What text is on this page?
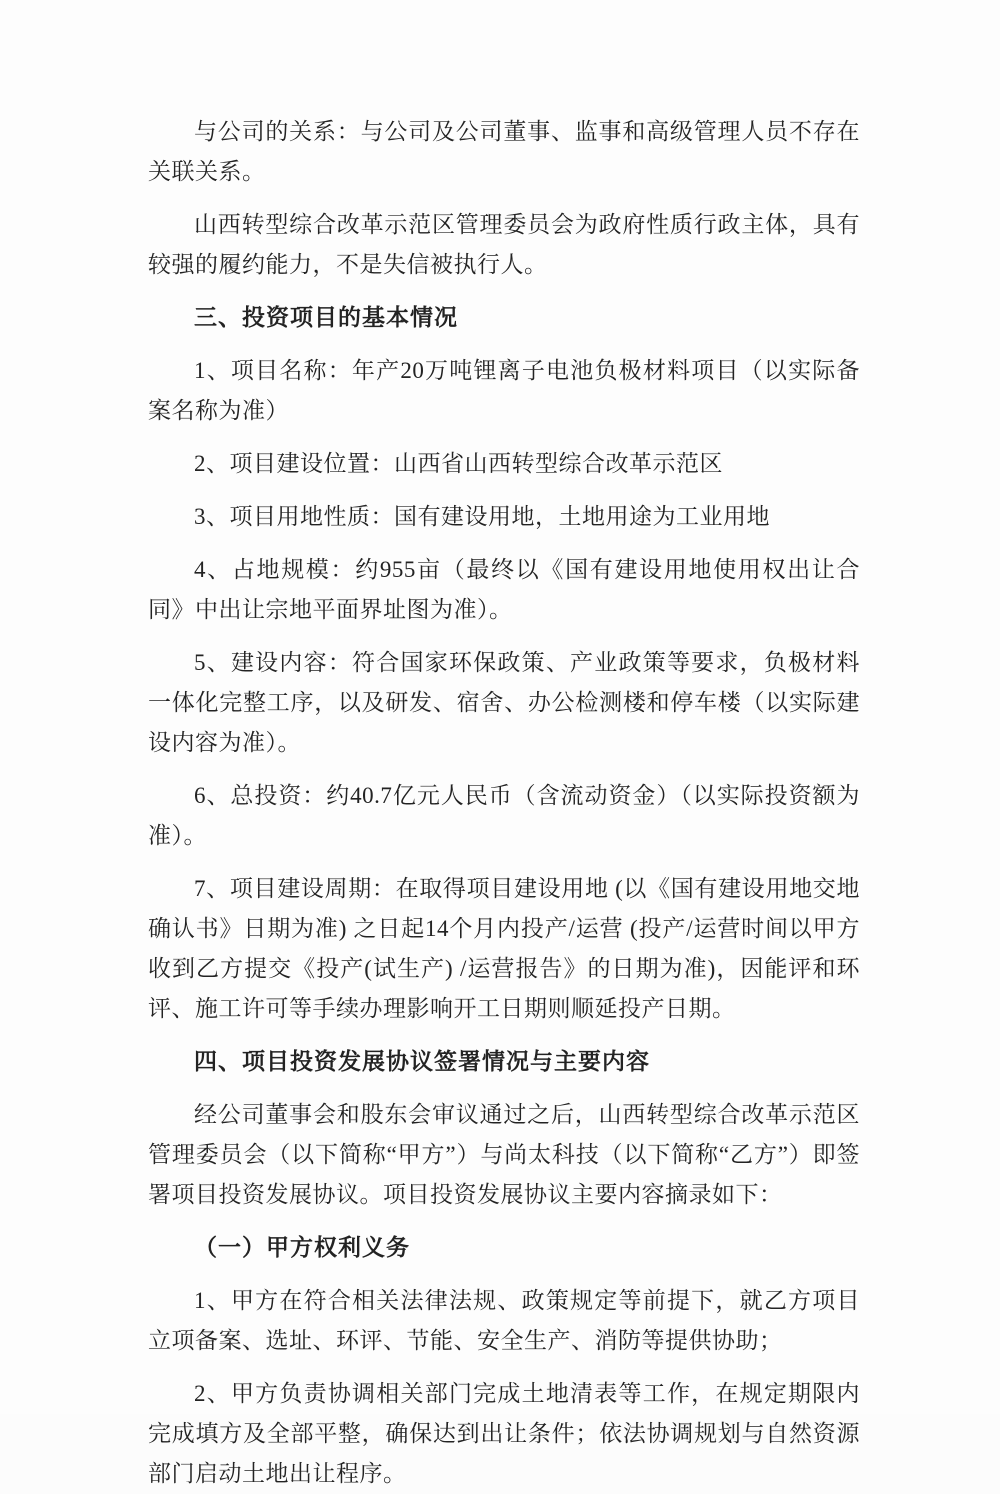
与公司的关系：与公司及公司董事、监事和高级管理人员不存在关联关系。

山西转型综合改革示范区管理委员会为政府性质行政主体，具有较强的履约能力，不是失信被执行人。

三、投资项目的基本情况

1、项目名称：年产20万吨锂离子电池负极材料项目（以实际备案名称为准）

2、项目建设位置：山西省山西转型综合改革示范区

3、项目用地性质：国有建设用地，土地用途为工业用地

4、占地规模：约955亩（最终以《国有建设用地使用权出让合同》中出让宗地平面界址图为准）。

5、建设内容：符合国家环保政策、产业政策等要求，负极材料一体化完整工序，以及研发、宿舍、办公检测楼和停车楼（以实际建设内容为准）。

6、总投资：约40.7亿元人民币（含流动资金）（以实际投资额为准）。

7、项目建设周期：在取得项目建设用地 (以《国有建设用地交地确认书》日期为准) 之日起14个月内投产/运营 (投产/运营时间以甲方收到乙方提交《投产(试生产) /运营报告》的日期为准)，因能评和环评、施工许可等手续办理影响开工日期则顺延投产日期。

四、项目投资发展协议签署情况与主要内容

经公司董事会和股东会审议通过之后，山西转型综合改革示范区管理委员会（以下简称“甲方”）与尚太科技（以下简称“乙方”）即签署项目投资发展协议。项目投资发展协议主要内容摘录如下：

（一）甲方权利义务

1、甲方在符合相关法律法规、政策规定等前提下，就乙方项目立项备案、选址、环评、节能、安全生产、消防等提供协助；

2、甲方负责协调相关部门完成土地清表等工作，在规定期限内完成填方及全部平整，确保达到出让条件；依法协调规划与自然资源部门启动土地出让程序。
